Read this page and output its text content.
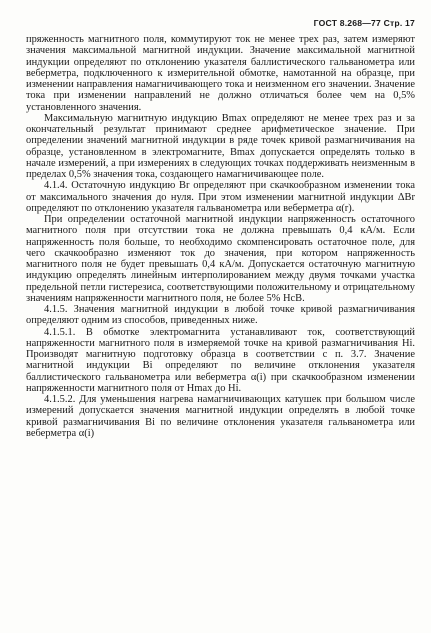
ГОСТ 8.268—77 Стр. 17

пряженность магнитного поля, коммутируют ток не менее трех раз, затем измеряют значения максимальной магнитной индукции. Значение максимальной магнитной индукции определяют по отклонению указателя баллистического гальванометра или веберметра, подключенного к измерительной обмотке, намотанной на образце, при изменении направления намагничивающего тока и неизменном его значении. Значение тока при изменении направлений не должно отличаться более чем на 0,5% установленного значения.

Максимальную магнитную индукцию Bmax определяют не менее трех раз и за окончательный результат принимают среднее арифметическое значение. При определении значений магнитной индукции в ряде точек кривой размагничивания на образце, установленном в электромагните, Bmax допускается определять только в начале измерений, а при измерениях в следующих точках поддерживать неизменным в пределах 0,5% значения тока, создающего намагничивающее поле.

4.1.4. Остаточную индукцию Br определяют при скачкообразном изменении тока от максимального значения до нуля. При этом изменении магнитной индукции ΔBr определяют по отклонению указателя гальванометра или веберметра α(r).

При определении остаточной магнитной индукции напряженность остаточного магнитного поля при отсутствии тока не должна превышать 0,4 кА/м. Если напряженность поля больше, то необходимо скомпенсировать остаточное поле, для чего скачкообразно изменяют ток до значения, при котором напряженность магнитного поля не будет превышать 0,4 кА/м. Допускается остаточную магнитную индукцию определять линейным интерполированием между двумя точками участка предельной петли гистерезиса, соответствующими положительному и отрицательному значениям напряженности магнитного поля, не более 5% HcB.

4.1.5. Значения магнитной индукции в любой точке кривой размагничивания определяют одним из способов, приведенных ниже.

4.1.5.1. В обмотке электромагнита устанавливают ток, соответствующий напряженности магнитного поля в измеряемой точке на кривой размагничивания Hi. Производят магнитную подготовку образца в соответствии с п. 3.7. Значение магнитной индукции Bi определяют по величине отклонения указателя баллистического гальванометра или веберметра α(i) при скачкообразном изменении напряженности магнитного поля от Hmax до Hi.

4.1.5.2. Для уменьшения нагрева намагничивающих катушек при большом числе измерений допускается значения магнитной индукции определять в любой точке кривой размагничивания Bi по величине отклонения указателя гальванометра или веберметра α(i)
